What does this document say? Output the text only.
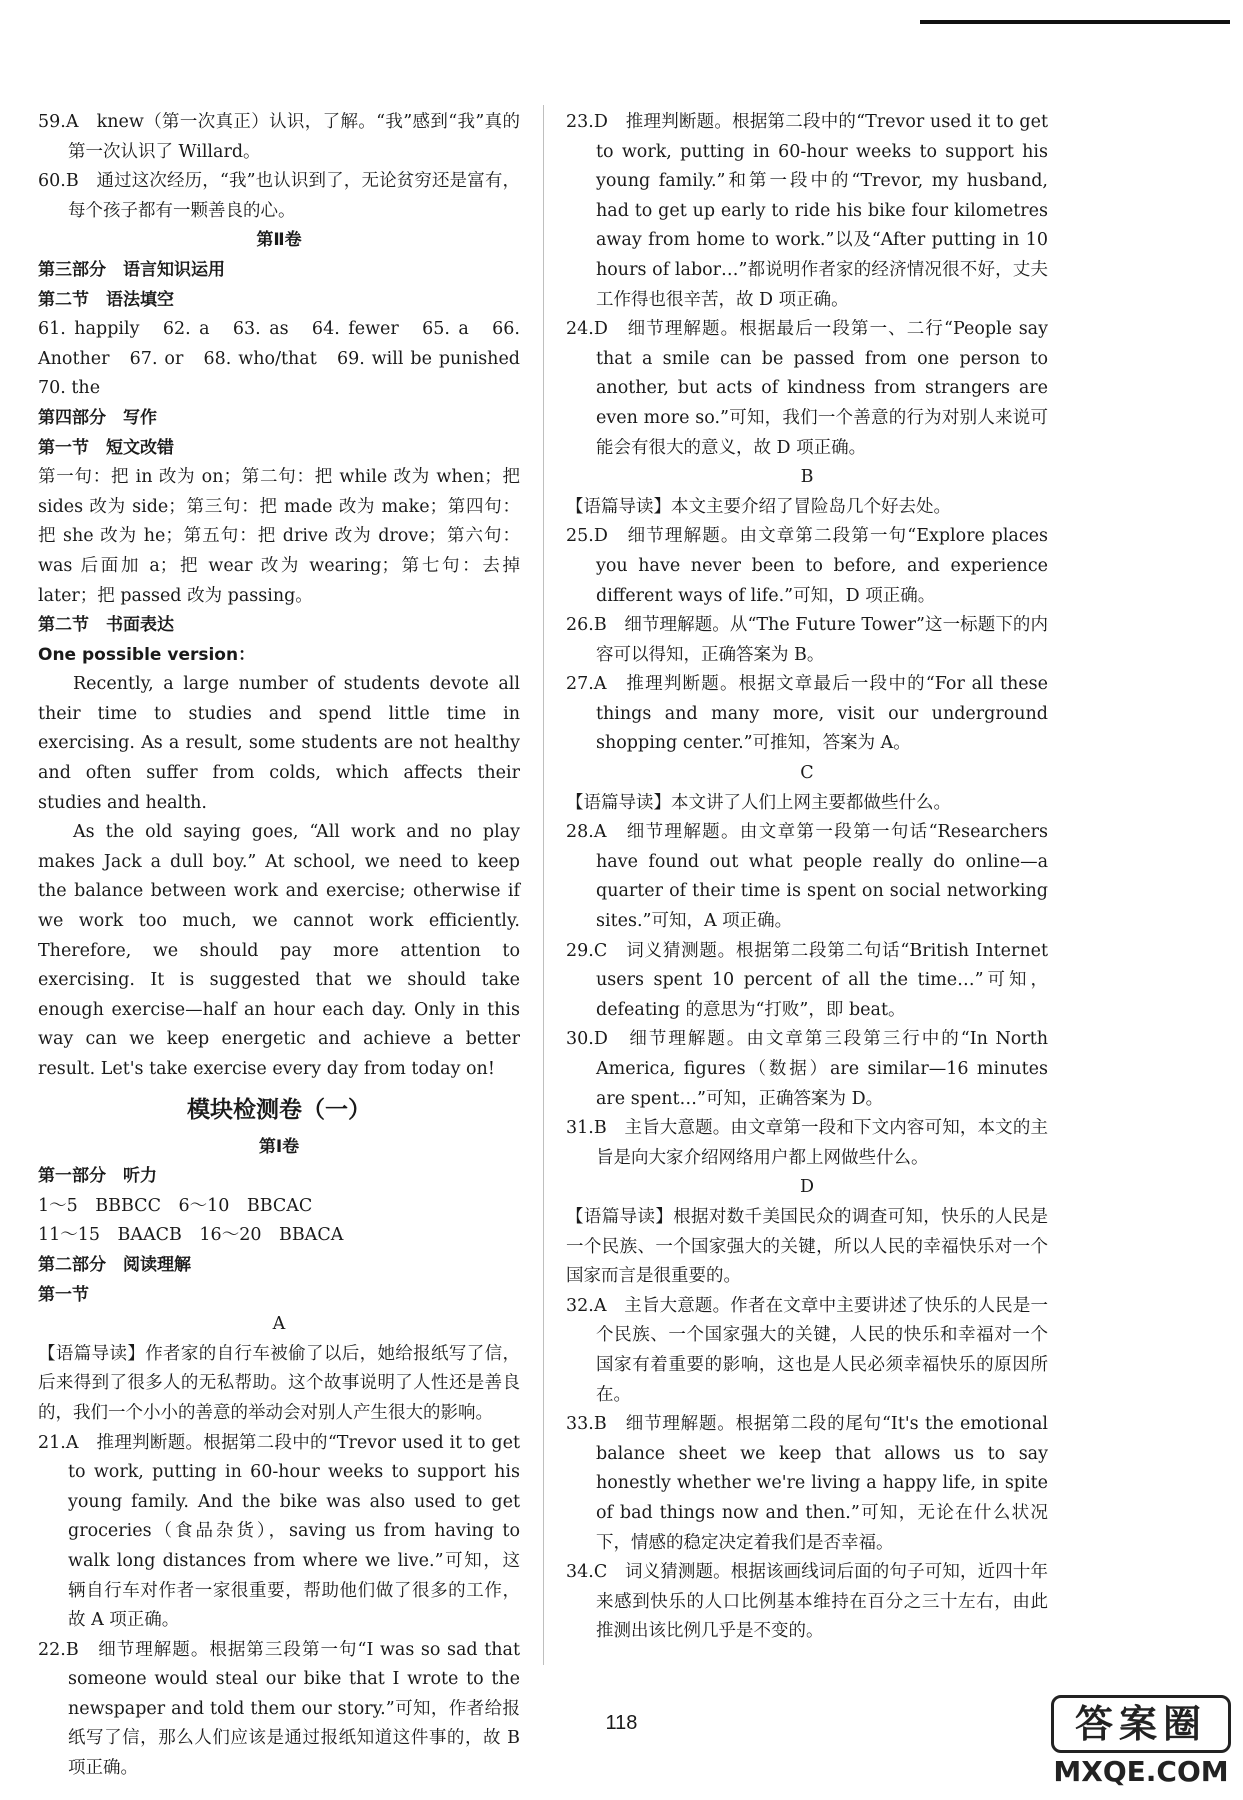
59.A　knew（第一次真正）认识，了解。“我”感到“我”真的第一次认识了 Willard。

60.B　通过这次经历，“我”也认识到了，无论贫穷还是富有，每个孩子都有一颗善良的心。

第Ⅱ卷

第三部分　语言知识运用

第二节　语法填空

61. happily　62. a　63. as　64. fewer　65. a　66. Another　67. or　68. who/that　69. will be punished　70. the

第四部分　写作

第一节　短文改错

第一句：把 in 改为 on；第二句：把 while 改为 when；把 sides 改为 side；第三句：把 made 改为 make；第四句：把 she 改为 he；第五句：把 drive 改为 drove；第六句：was 后面加 a；把 wear 改为 wearing；第七句：去掉 later；把 passed 改为 passing。

第二节　书面表达

One possible version：

Recently, a large number of students devote all their time to studies and spend little time in exercising. As a result, some students are not healthy and often suffer from colds, which affects their studies and health.

As the old saying goes, “All work and no play makes Jack a dull boy.” At school, we need to keep the balance between work and exercise; otherwise if we work too much, we cannot work efficiently. Therefore, we should pay more attention to exercising. It is suggested that we should take enough exercise—half an hour each day. Only in this way can we keep energetic and achieve a better result. Let's take exercise every day from today on!

模块检测卷（一）

第Ⅰ卷

第一部分　听力

1～5　BBBCC　6～10　BBCAC

11～15　BAACB　16～20　BBACA

第二部分　阅读理解

第一节

A

【语篇导读】作者家的自行车被偷了以后，她给报纸写了信，后来得到了很多人的无私帮助。这个故事说明了人性还是善良的，我们一个小小的善意的举动会对别人产生很大的影响。

21.A　推理判断题。根据第二段中的“Trevor used it to get to work, putting in 60-hour weeks to support his young family. And the bike was also used to get groceries（食品杂货），saving us from having to walk long distances from where we live.”可知，这辆自行车对作者一家很重要，帮助他们做了很多的工作，故 A 项正确。

22.B　细节理解题。根据第三段第一句“I was so sad that someone would steal our bike that I wrote to the newspaper and told them our story.”可知，作者给报纸写了信，那么人们应该是通过报纸知道这件事的，故 B 项正确。

23.D　推理判断题。根据第二段中的“Trevor used it to get to work, putting in 60-hour weeks to support his young family.”和第一段中的“Trevor, my husband, had to get up early to ride his bike four kilometres away from home to work.”以及“After putting in 10 hours of labor…”都说明作者家的经济情况很不好，丈夫工作得也很辛苦，故 D 项正确。

24.D　细节理解题。根据最后一段第一、二行“People say that a smile can be passed from one person to another, but acts of kindness from strangers are even more so.”可知，我们一个善意的行为对别人来说可能会有很大的意义，故 D 项正确。

B

【语篇导读】本文主要介绍了冒险岛几个好去处。

25.D　细节理解题。由文章第二段第一句“Explore places you have never been to before, and experience different ways of life.”可知，D 项正确。

26.B　细节理解题。从“The Future Tower”这一标题下的内容可以得知，正确答案为 B。

27.A　推理判断题。根据文章最后一段中的“For all these things and many more, visit our underground shopping center.”可推知，答案为 A。

C

【语篇导读】本文讲了人们上网主要都做些什么。

28.A　细节理解题。由文章第一段第一句话“Researchers have found out what people really do online—a quarter of their time is spent on social networking sites.”可知，A 项正确。

29.C　词义猜测题。根据第二段第二句话“British Internet users spent 10 percent of all the time…”可知，defeating 的意思为“打败”，即 beat。

30.D　细节理解题。由文章第三段第三行中的“In North America, figures（数据）are similar—16 minutes are spent…”可知，正确答案为 D。

31.B　主旨大意题。由文章第一段和下文内容可知，本文的主旨是向大家介绍网络用户都上网做些什么。

D

【语篇导读】根据对数千美国民众的调查可知，快乐的人民是一个民族、一个国家强大的关键，所以人民的幸福快乐对一个国家而言是很重要的。

32.A　主旨大意题。作者在文章中主要讲述了快乐的人民是一个民族、一个国家强大的关键，人民的快乐和幸福对一个国家有着重要的影响，这也是人民必须幸福快乐的原因所在。

33.B　细节理解题。根据第二段的尾句“It's the emotional balance sheet we keep that allows us to say honestly whether we're living a happy life, in spite of bad things now and then.”可知，无论在什么状况下，情感的稳定决定着我们是否幸福。

34.C　词义猜测题。根据该画线词后面的句子可知，近四十年来感到快乐的人口比例基本维持在百分之三十左右，由此推测出该比例几乎是不变的。

118	答案圈
MXQE.COM
